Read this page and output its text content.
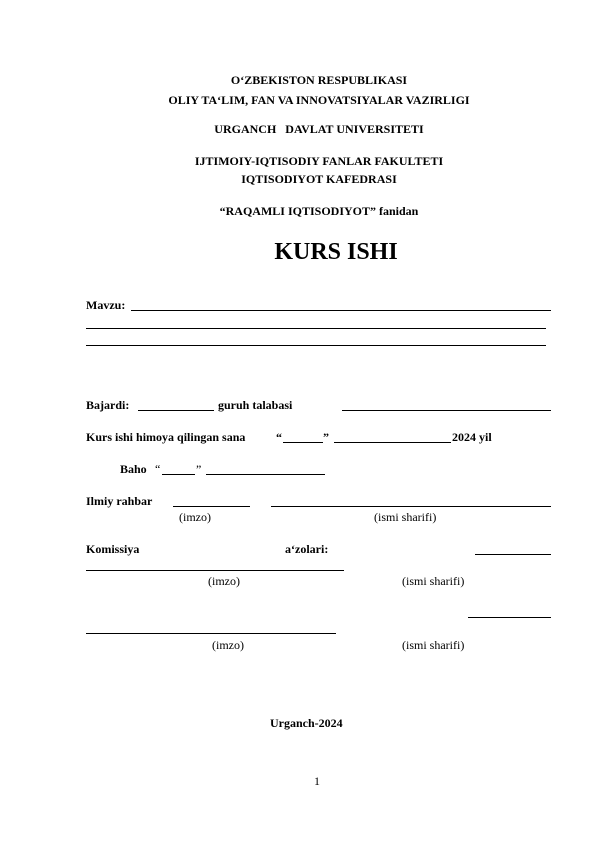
O‘ZBEKISTON RESPUBLIKASI
OLIY TA‘LIM, FAN VA INNOVATSIYALAR VAZIRLIGI
URGANCH   DAVLAT UNIVERSITETI
IJTIMOIY-IQTISODIY FANLAR FAKULTETI
IQTISODIYOT KAFEDRASI
“RAQAMLI IQTISODIYOT” fanidan
KURS ISHI
Mavzu:
Bajardi:	guruh talabasi
Kurs ishi himoya qilingan sana	“	”	2024 yil
Baho “	”
Ilmiy rahbar
(imzo)	(ismi sharifi)
Komissiya	a‘zolari:
(imzo)	(ismi sharifi)
(imzo)	(ismi sharifi)
Urganch-2024
1
